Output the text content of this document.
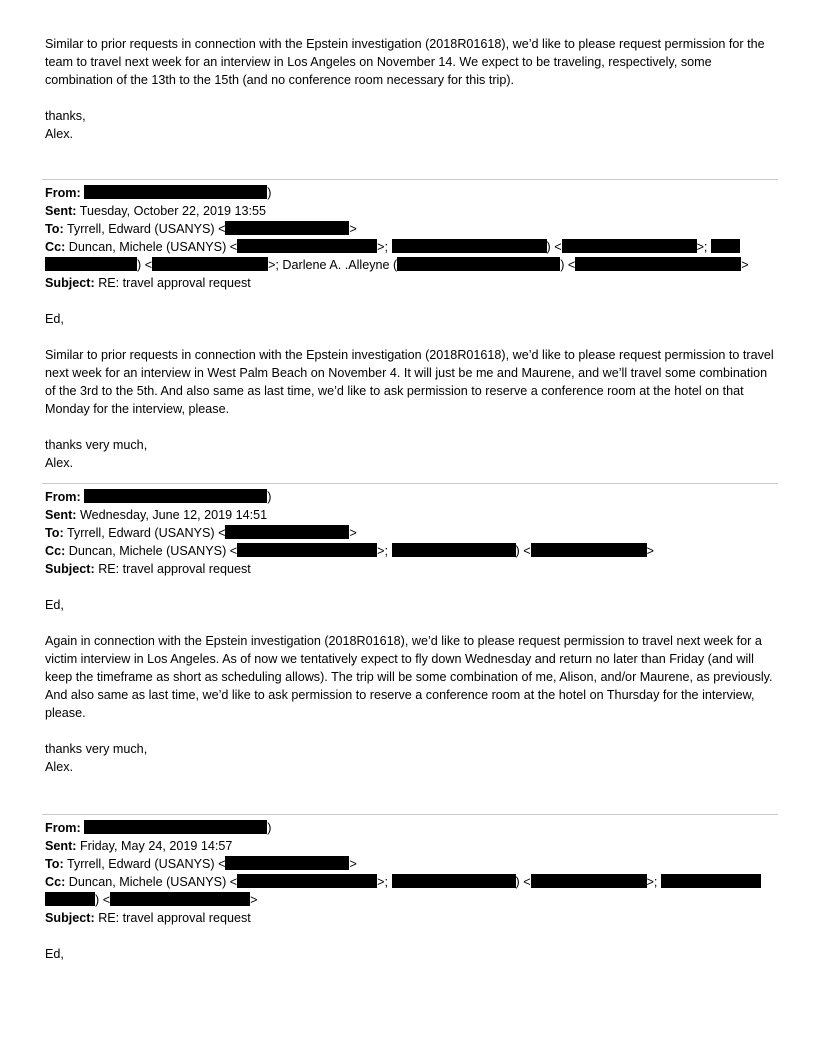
Similar to prior requests in connection with the Epstein investigation (2018R01618), we’d like to please request permission for the team to travel next week for an interview in Los Angeles on November 14. We expect to be traveling, respectively, some combination of the 13th to the 15th (and no conference room necessary for this trip).

thanks,

Alex.

From:	)

Sent: Tuesday, October 22, 2019 13:55

To: Tyrrell, Edward (USANYS) <	>

Cc: Duncan, Michele (USANYS) <	>;	) <	>;

) <	>; Darlene A. .Alleyne (	) <	>

Subject: RE: travel approval request

Ed,

Similar to prior requests in connection with the Epstein investigation (2018R01618), we’d like to please request permission to travel next week for an interview in West Palm Beach on November 4. It will just be me and Maurene, and we’ll travel some combination of the 3rd to the 5th. And also same as last time, we’d like to ask permission to reserve a conference room at the hotel on that Monday for the interview, please.

thanks very much,

Alex.

From:	)

Sent: Wednesday, June 12, 2019 14:51

To: Tyrrell, Edward (USANYS) <	>

Cc: Duncan, Michele (USANYS) <	>;	) <	>

Subject: RE: travel approval request

Ed,

Again in connection with the Epstein investigation (2018R01618), we’d like to please request permission to travel next week for a victim interview in Los Angeles. As of now we tentatively expect to fly down Wednesday and return no later than Friday (and will keep the timeframe as short as scheduling allows). The trip will be some combination of me, Alison, and/or Maurene, as previously. And also same as last time, we’d like to ask permission to reserve a conference room at the hotel on Thursday for the interview, please.

thanks very much,

Alex.

From:	)

Sent: Friday, May 24, 2019 14:57

To: Tyrrell, Edward (USANYS) <	>

Cc: Duncan, Michele (USANYS) <	>;	) <	>;

) <	>

Subject: RE: travel approval request

Ed,
